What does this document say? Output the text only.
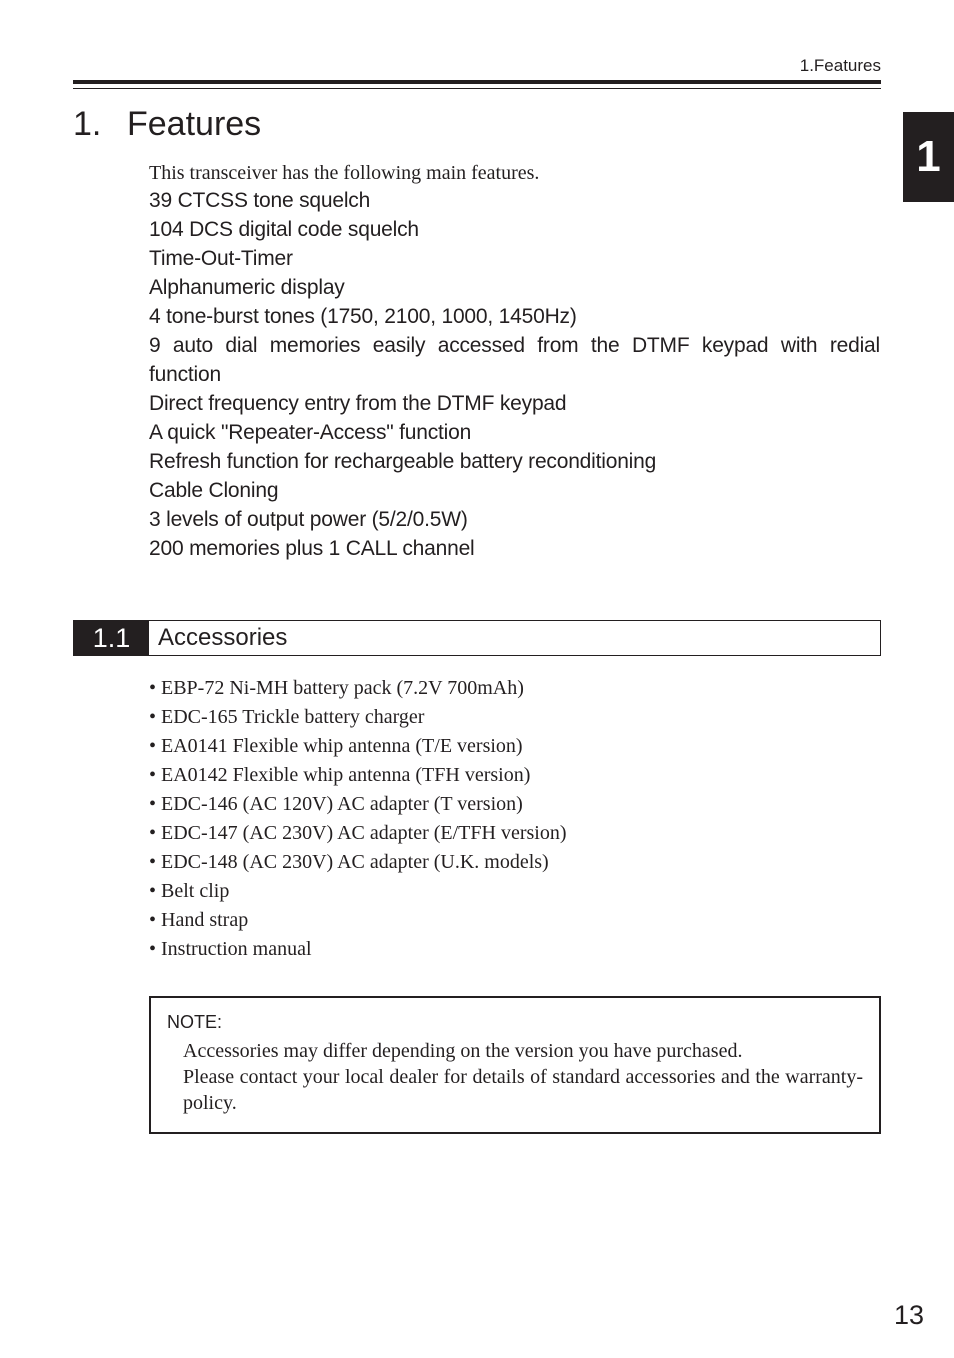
1.Features
1
1. Features
This transceiver has the following main features.
39 CTCSS tone squelch
104 DCS digital code squelch
Time-Out-Timer
Alphanumeric display
4 tone-burst tones (1750, 2100, 1000, 1450Hz)
9 auto dial memories easily accessed from the DTMF keypad with redial function
Direct frequency entry from the DTMF keypad
A quick "Repeater-Access" function
Refresh function for rechargeable battery reconditioning
Cable Cloning
3 levels of output power (5/2/0.5W)
200 memories plus 1 CALL channel
1.1	Accessories
• EBP-72 Ni-MH battery pack (7.2V 700mAh)
• EDC-165 Trickle battery charger
• EA0141 Flexible whip antenna (T/E version)
• EA0142 Flexible whip antenna (TFH version)
• EDC-146 (AC 120V) AC adapter (T version)
• EDC-147 (AC 230V) AC adapter (E/TFH version)
• EDC-148 (AC 230V) AC adapter (U.K. models)
• Belt clip
• Hand strap
• Instruction manual
NOTE:

Accessories may differ depending on the version you have purchased.

Please contact your local dealer for details of standard accessories and the warranty-policy.

13
